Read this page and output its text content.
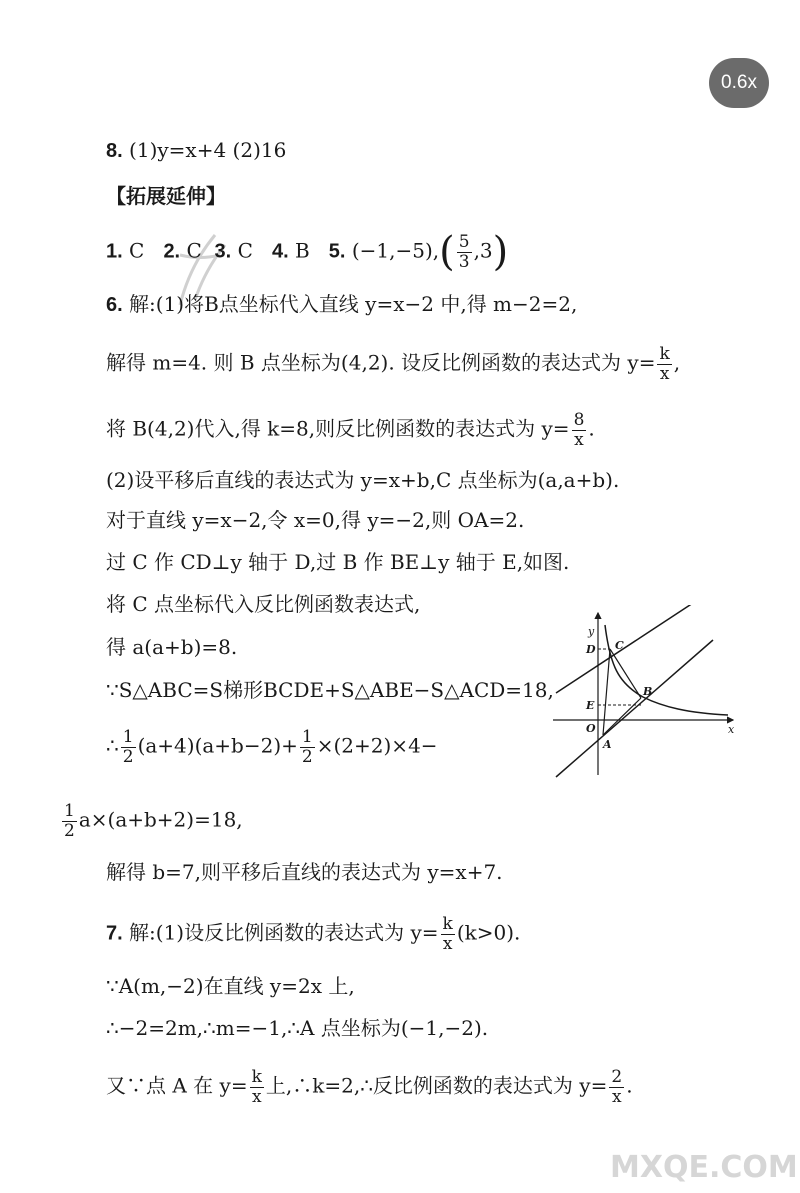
0.6x
MXQE.COM
8. (1)y=x+4 (2)16
【拓展延伸】
1. C 2. C 3. C 4. B 5. $(-1,-5),( \frac{5}{3} ,3)$
6. 解:(1)将B点坐标代入直线 y=x−2 中,得 m−2=2,
解得 m=4. 则 B 点坐标为(4,2). 设反比例函数的表达式为 $y= \frac{k}{x}$ ,
将 B(4,2)代入,得 k=8,则反比例函数的表达式为 $y= \frac{8}{x}$ .
(2)设平移后直线的表达式为 y=x+b,C 点坐标为(a,a+b).
对于直线 y=x−2,令 x=0,得 y=−2,则 OA=2.
过 C 作 CD⊥y 轴于 D,过 B 作 BE⊥y 轴于 E,如图.
将 C 点坐标代入反比例函数表达式,
得 a(a+b)=8.
∵S△ABC=S梯形BCDE+S△ABE−S△ACD=18,
∴ $\frac{1}{2} (a+4)(a+b-2)+ \frac{1}{2} \times(2+2)\times 4-$
$\frac{1}{2} a\times(a+b+2)=18$,
解得 b=7,则平移后直线的表达式为 y=x+7.
7. 解:(1)设反比例函数的表达式为 $y= \frac{k}{x} (k>0)$.
∵A(m,−2)在直线 y=2x 上,
∴−2=2m,∴m=−1,∴A 点坐标为(−1,−2).
又∵点 A 在 $y= \frac{k}{x}$ 上,∴k=2,∴反比例函数的表达式为 $y= \frac{2}{x}$ .
y
x
D C
E
B
O
A
